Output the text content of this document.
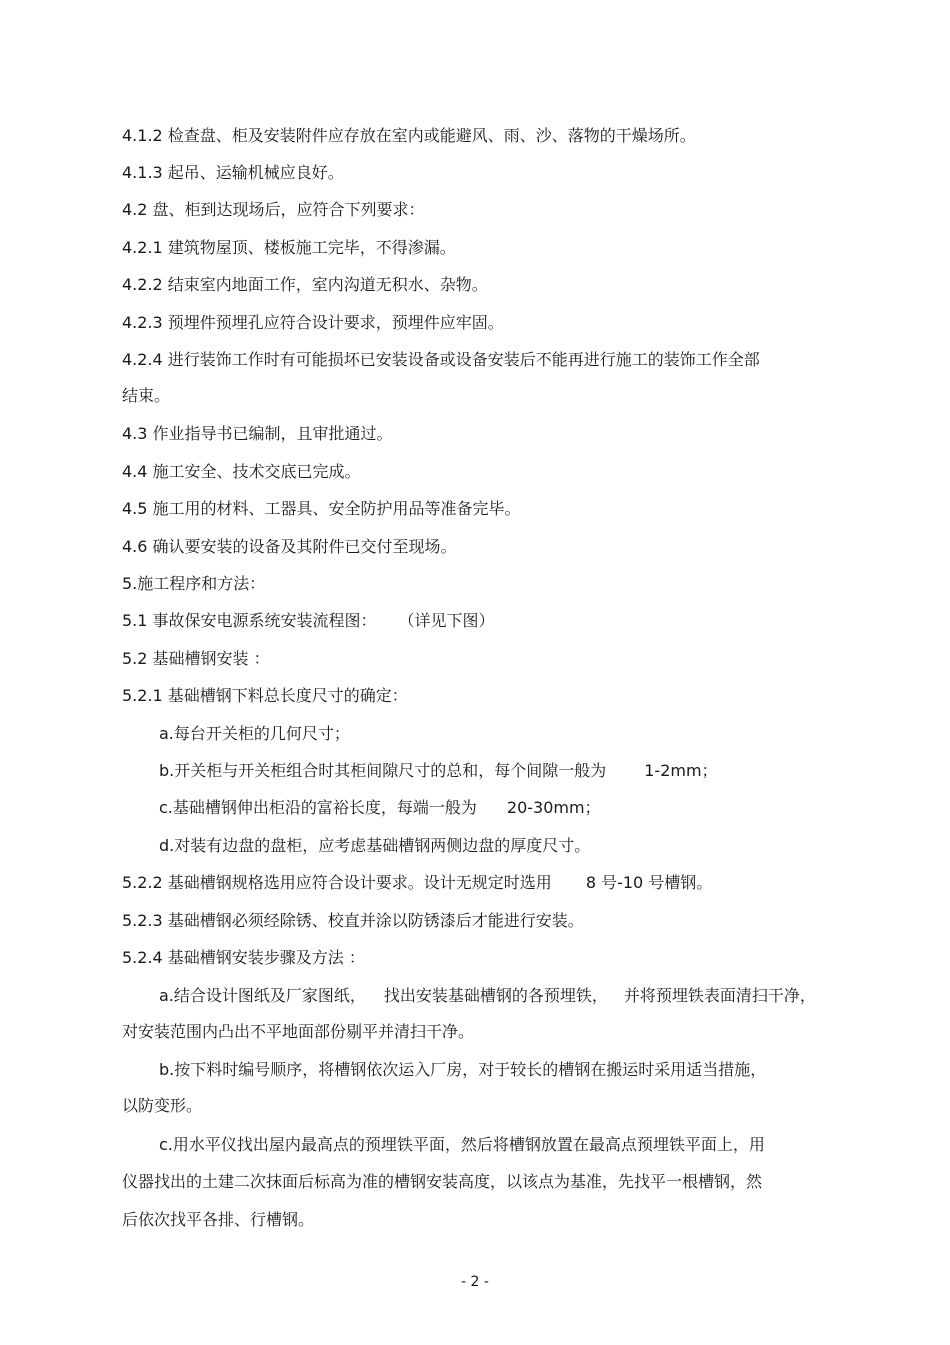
4.1.2 检查盘、柜及安装附件应存放在室内或能避风、雨、沙、落物的干燥场所。
4.1.3 起吊、运输机械应良好。
4.2 盘、柜到达现场后，应符合下列要求：
4.2.1 建筑物屋顶、楼板施工完毕，不得渗漏。
4.2.2 结束室内地面工作，室内沟道无积水、杂物。
4.2.3 预埋件预埋孔应符合设计要求，预埋件应牢固。
4.2.4 进行装饰工作时有可能损坏已安装设备或设备安装后不能再进行施工的装饰工作全部
结束。
4.3 作业指导书已编制，且审批通过。
4.4 施工安全、技术交底已完成。
4.5 施工用的材料、工器具、安全防护用品等准备完毕。
4.6 确认要安装的设备及其附件已交付至现场。
5.施工程序和方法：
5.1 事故保安电源系统安装流程图： （详见下图）
5.2 基础槽钢安装 ：
5.2.1 基础槽钢下料总长度尺寸的确定：
a.每台开关柜的几何尺寸；
b.开关柜与开关柜组合时其柜间隙尺寸的总和，每个间隙一般为 1-2mm；
c.基础槽钢伸出柜沿的富裕长度，每端一般为 20-30mm；
d.对装有边盘的盘柜，应考虑基础槽钢两侧边盘的厚度尺寸。
5.2.2 基础槽钢规格选用应符合设计要求。设计无规定时选用 8 号-10 号槽钢。
5.2.3 基础槽钢必须经除锈、校直并涂以防锈漆后才能进行安装。
5.2.4 基础槽钢安装步骤及方法 ：
a.结合设计图纸及厂家图纸， 找出安装基础槽钢的各预埋铁， 并将预埋铁表面清扫干净，
对安装范围内凸出不平地面部份剔平并清扫干净。
b.按下料时编号顺序，将槽钢依次运入厂房，对于较长的槽钢在搬运时采用适当措施，
以防变形。
c.用水平仪找出屋内最高点的预埋铁平面，然后将槽钢放置在最高点预埋铁平面上，用
仪器找出的土建二次抹面后标高为准的槽钢安装高度，以该点为基准，先找平一根槽钢，然
后依次找平各排、行槽钢。
- 2 -
